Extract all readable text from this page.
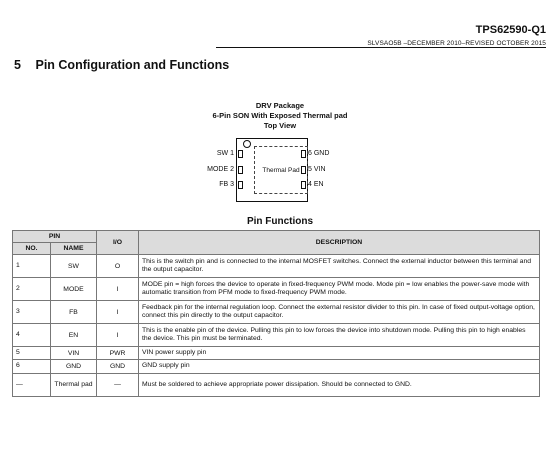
TPS62590-Q1
SLVSAO5B –DECEMBER 2010–REVISED OCTOBER 2015
5 Pin Configuration and Functions
DRV Package
6-Pin SON With Exposed Thermal pad
Top View
Thermal Pad
SW 1
MODE 2
FB 3
6 GND
5 VIN
4 EN
Pin Functions
PIN		I/O	DESCRIPTION
NO.	NAME		
1	SW	O	This is the switch pin and is connected to the internal MOSFET switches. Connect the external inductor between this terminal and the output capacitor.
2	MODE	I	MODE pin = high forces the device to operate in fixed-frequency PWM mode. Mode pin = low enables the power-save mode with automatic transition from PFM mode to fixed-frequency PWM mode.
3	FB	I	Feedback pin for the internal regulation loop. Connect the external resistor divider to this pin. In case of fixed output-voltage option, connect this pin directly to the output capacitor.
4	EN	I	This is the enable pin of the device. Pulling this pin to low forces the device into shutdown mode. Pulling this pin to high enables the device. This pin must be terminated.
5	VIN	PWR	VIN power supply pin
6	GND	GND	GND supply pin
—	Thermal pad	—	Must be soldered to achieve appropriate power dissipation. Should be connected to GND.
